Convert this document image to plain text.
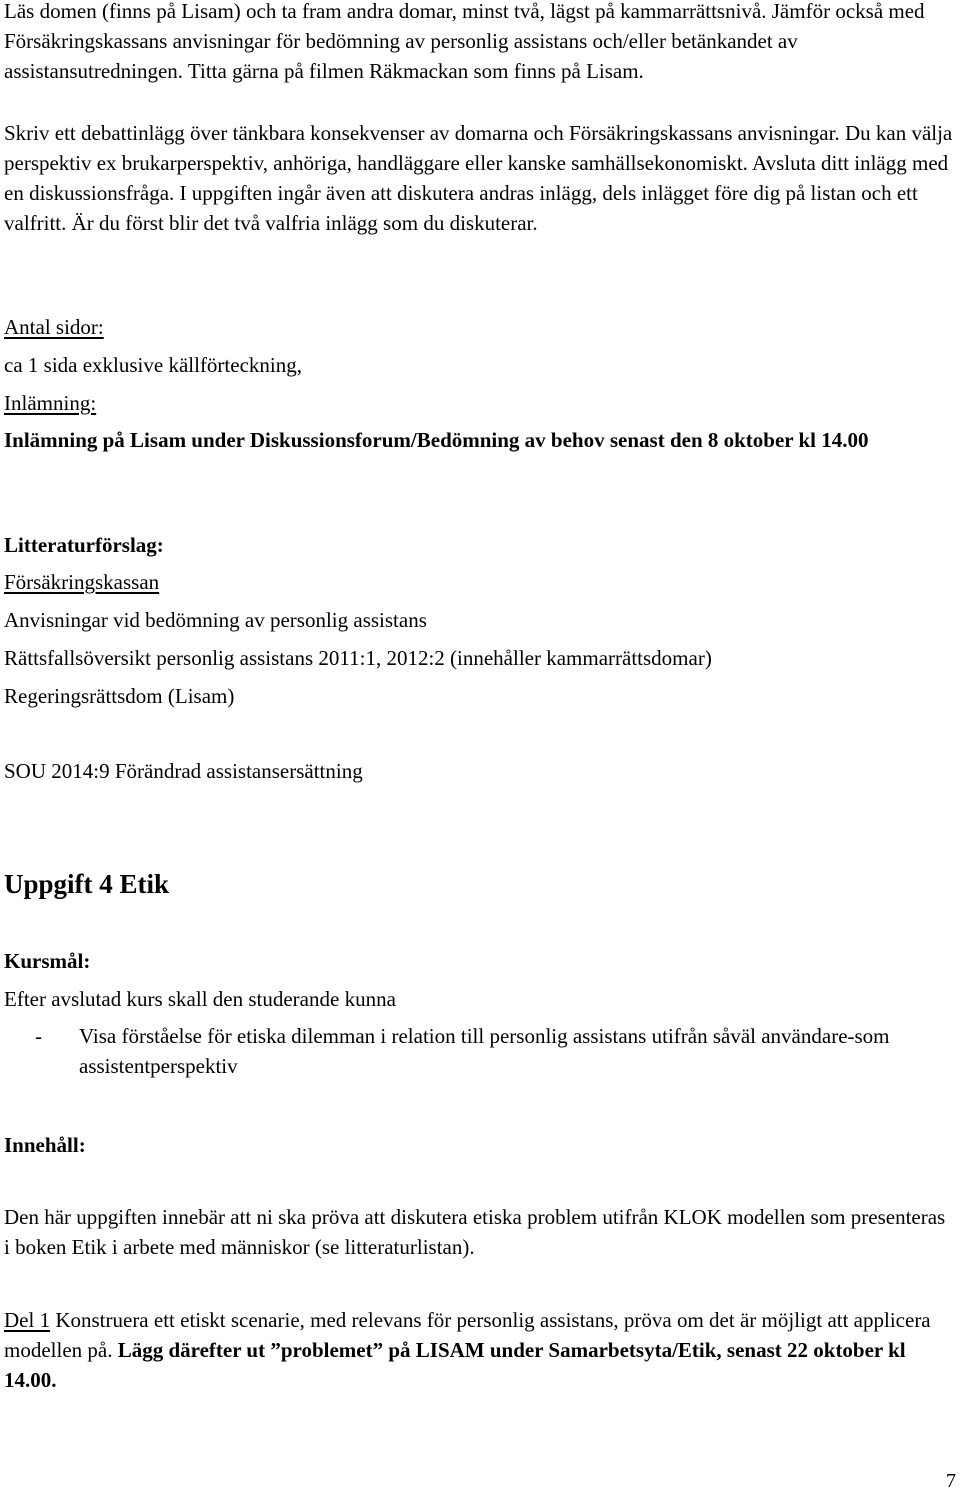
Läs domen (finns på Lisam) och ta fram andra domar, minst två, lägst på kammarrättsnivå. Jämför också med Försäkringskassans anvisningar för bedömning av personlig assistans och/eller betänkandet av assistansutredningen. Titta gärna på filmen Räkmackan som finns på Lisam.

Skriv ett debattinlägg över tänkbara konsekvenser av domarna och Försäkringskassans anvisningar. Du kan välja perspektiv ex brukarperspektiv, anhöriga, handläggare eller kanske samhällsekonomiskt. Avsluta ditt inlägg med en diskussionsfråga. I uppgiften ingår även att diskutera andras inlägg, dels inlägget före dig på listan och ett valfritt. Är du först blir det två valfria inlägg som du diskuterar.

Antal sidor:

ca 1 sida exklusive källförteckning,

Inlämning:

Inlämning på Lisam under Diskussionsforum/Bedömning av behov senast den 8 oktober kl 14.00

Litteraturförslag:

Försäkringskassan

Anvisningar vid bedömning av personlig assistans

Rättsfallsöversikt personlig assistans 2011:1, 2012:2 (innehåller kammarrättsdomar)

Regeringsrättsdom (Lisam)

SOU 2014:9 Förändrad assistansersättning

Uppgift 4 Etik

Kursmål:

Efter avslutad kurs skall den studerande kunna

-	Visa förståelse för etiska dilemman i relation till personlig assistans utifrån såväl användare-som assistentperspektiv

Innehåll:

Den här uppgiften innebär att ni ska pröva att diskutera etiska problem utifrån KLOK modellen som presenteras i boken Etik i arbete med människor (se litteraturlistan).

Del 1 Konstruera ett etiskt scenarie, med relevans för personlig assistans, pröva om det är möjligt att applicera modellen på. Lägg därefter ut ”problemet” på LISAM under Samarbetsyta/Etik, senast 22 oktober kl 14.00.

7
